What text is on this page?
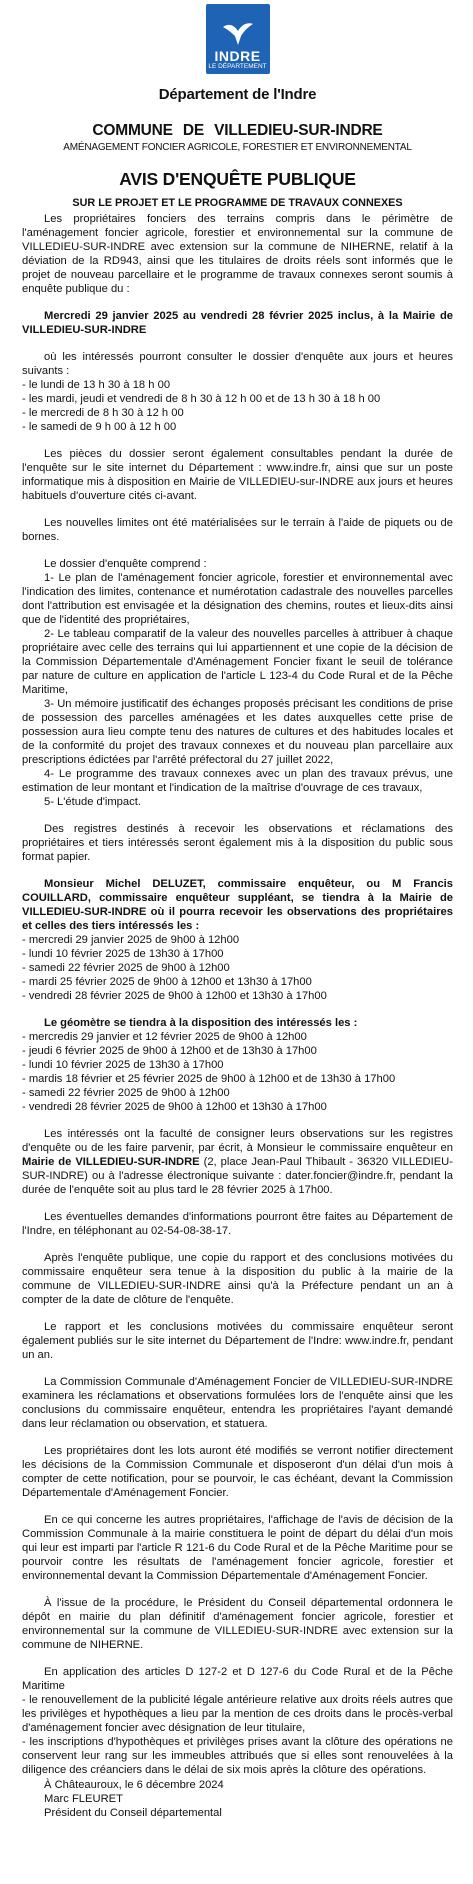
INDRE
LE DÉPARTEMENT
Département de l'Indre
COMMUNE DE VILLEDIEU-SUR-INDRE
AMÉNAGEMENT FONCIER AGRICOLE, FORESTIER ET ENVIRONNEMENTAL
AVIS D'ENQUÊTE PUBLIQUE
SUR LE PROJET ET LE PROGRAMME DE TRAVAUX CONNEXES

Les propriétaires fonciers des terrains compris dans le périmètre de l'aménagement foncier agricole, forestier et environnemental sur la commune de VILLEDIEU-SUR-INDRE avec extension sur la commune de NIHERNE, relatif à la déviation de la RD943, ainsi que les titulaires de droits réels sont informés que le projet de nouveau parcellaire et le programme de travaux connexes seront soumis à enquête publique du :

Mercredi 29 janvier 2025 au vendredi 28 février 2025 inclus, à la Mairie de VILLEDIEU-SUR-INDRE

où les intéressés pourront consulter le dossier d'enquête aux jours et heures suivants :

- le lundi de 13 h 30 à 18 h 00

- les mardi, jeudi et vendredi de 8 h 30 à 12 h 00 et de 13 h 30 à 18 h 00

- le mercredi de 8 h 30 à 12 h 00

- le samedi de 9 h 00 à 12 h 00

Les pièces du dossier seront également consultables pendant la durée de l'enquête sur le site internet du Département : www.indre.fr, ainsi que sur un poste informatique mis à disposition en Mairie de VILLEDIEU-sur-INDRE aux jours et heures habituels d'ouverture cités ci-avant.

Les nouvelles limites ont été matérialisées sur le terrain à l'aide de piquets ou de bornes.

Le dossier d'enquête comprend :

1- Le plan de l'aménagement foncier agricole, forestier et environnemental avec l'indication des limites, contenance et numérotation cadastrale des nouvelles parcelles dont l'attribution est envisagée et la désignation des chemins, routes et lieux-dits ainsi que de l'identité des propriétaires,

2- Le tableau comparatif de la valeur des nouvelles parcelles à attribuer à chaque propriétaire avec celle des terrains qui lui appartiennent et une copie de la décision de la Commission Départementale d'Aménagement Foncier fixant le seuil de tolérance par nature de culture en application de l'article L 123-4 du Code Rural et de la Pêche Maritime,

3- Un mémoire justificatif des échanges proposés précisant les conditions de prise de possession des parcelles aménagées et les dates auxquelles cette prise de possession aura lieu compte tenu des natures de cultures et des habitudes locales et de la conformité du projet des travaux connexes et du nouveau plan parcellaire aux prescriptions édictées par l'arrêté préfectoral du 27 juillet 2022,

4- Le programme des travaux connexes avec un plan des travaux prévus, une estimation de leur montant et l'indication de la maîtrise d'ouvrage de ces travaux,

5- L'étude d'impact.

Des registres destinés à recevoir les observations et réclamations des propriétaires et tiers intéressés seront également mis à la disposition du public sous format papier.

Monsieur Michel DELUZET, commissaire enquêteur, ou M Francis COUILLARD, commissaire enquêteur suppléant, se tiendra à la Mairie de VILLEDIEU-SUR-INDRE où il pourra recevoir les observations des propriétaires et celles des tiers intéressés les :

- mercredi 29 janvier 2025 de 9h00 à 12h00

- lundi 10 février 2025 de 13h30 à 17h00

- samedi 22 février 2025 de 9h00 à 12h00

- mardi 25 février 2025 de 9h00 à 12h00 et 13h30 à 17h00

- vendredi 28 février 2025 de 9h00 à 12h00 et 13h30 à 17h00

Le géomètre se tiendra à la disposition des intéressés les :

- mercredis 29 janvier et 12 février 2025 de 9h00 à 12h00

- jeudi 6 février 2025 de 9h00 à 12h00 et de 13h30 à 17h00

- lundi 10 février 2025 de 13h30 à 17h00

- mardis 18 février et 25 février 2025 de 9h00 à 12h00 et de 13h30 à 17h00

- samedi 22 février 2025 de 9h00 à 12h00

- vendredi 28 février 2025 de 9h00 à 12h00 et 13h30 à 17h00

Les intéressés ont la faculté de consigner leurs observations sur les registres d'enquête ou de les faire parvenir, par écrit, à Monsieur le commissaire enquêteur en Mairie de VILLEDIEU-SUR-INDRE (2, place Jean-Paul Thibault - 36320 VILLEDIEU-SUR-INDRE) ou à l'adresse électronique suivante : dater.foncier@indre.fr, pendant la durée de l'enquête soit au plus tard le 28 février 2025 à 17h00.

Les éventuelles demandes d'informations pourront être faites au Département de l'Indre, en téléphonant au 02-54-08-38-17.

Après l'enquête publique, une copie du rapport et des conclusions motivées du commissaire enquêteur sera tenue à la disposition du public à la mairie de la commune de VILLEDIEU-SUR-INDRE ainsi qu'à la Préfecture pendant un an à compter de la date de clôture de l'enquête.

Le rapport et les conclusions motivées du commissaire enquêteur seront également publiés sur le site internet du Département de l'Indre: www.indre.fr, pendant un an.

La Commission Communale d'Aménagement Foncier de VILLEDIEU-SUR-INDRE examinera les réclamations et observations formulées lors de l'enquête ainsi que les conclusions du commissaire enquêteur, entendra les propriétaires l'ayant demandé dans leur réclamation ou observation, et statuera.

Les propriétaires dont les lots auront été modifiés se verront notifier directement les décisions de la Commission Communale et disposeront d'un délai d'un mois à compter de cette notification, pour se pourvoir, le cas échéant, devant la Commission Départementale d'Aménagement Foncier.

En ce qui concerne les autres propriétaires, l'affichage de l'avis de décision de la Commission Communale à la mairie constituera le point de départ du délai d'un mois qui leur est imparti par l'article R 121-6 du Code Rural et de la Pêche Maritime pour se pourvoir contre les résultats de l'aménagement foncier agricole, forestier et environnemental devant la Commission Départementale d'Aménagement Foncier.

À l'issue de la procédure, le Président du Conseil départemental ordonnera le dépôt en mairie du plan définitif d'aménagement foncier agricole, forestier et environnemental sur la commune de VILLEDIEU-SUR-INDRE avec extension sur la commune de NIHERNE.

En application des articles D 127-2 et D 127-6 du Code Rural et de la Pêche Maritime

- le renouvellement de la publicité légale antérieure relative aux droits réels autres que les privilèges et hypothèques a lieu par la mention de ces droits dans le procès-verbal d'aménagement foncier avec désignation de leur titulaire,

- les inscriptions d'hypothèques et privilèges prises avant la clôture des opérations ne conservent leur rang sur les immeubles attribués que si elles sont renouvelées à la diligence des créanciers dans le délai de six mois après la clôture des opérations.

À Châteauroux, le 6 décembre 2024

Marc FLEURET

Président du Conseil départemental
